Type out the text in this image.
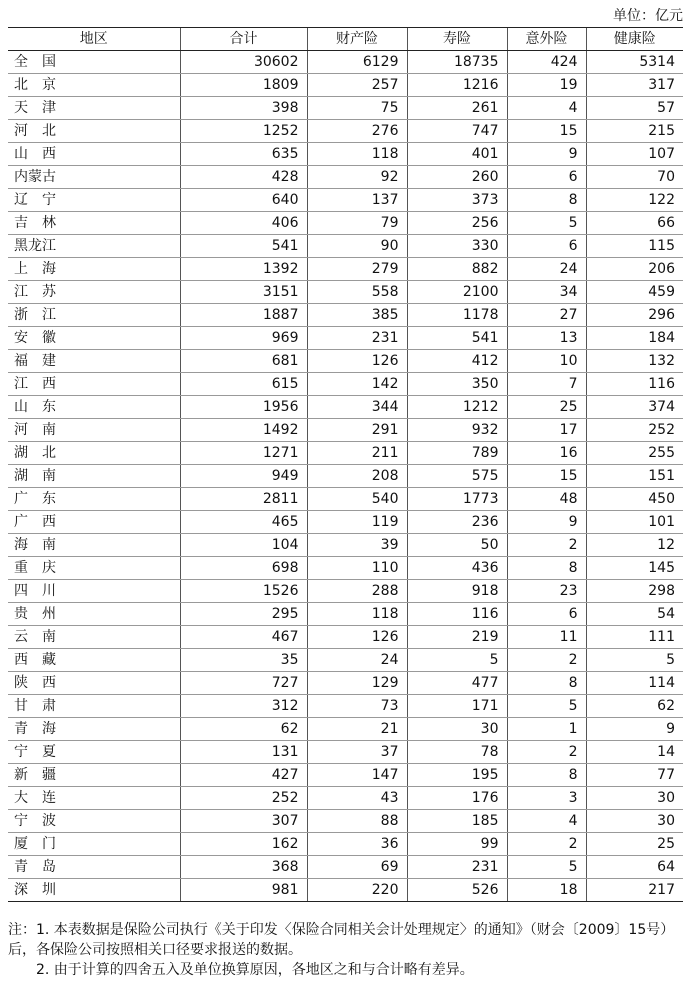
单位：亿元
地区	合计	财产险	寿险	意外险	健康险
全　国	30602	6129	18735	424	5314
北　京	1809	257	1216	19	317
天　津	398	75	261	4	57
河　北	1252	276	747	15	215
山　西	635	118	401	9	107
内蒙古	428	92	260	6	70
辽　宁	640	137	373	8	122
吉　林	406	79	256	5	66
黑龙江	541	90	330	6	115
上　海	1392	279	882	24	206
江　苏	3151	558	2100	34	459
浙　江	1887	385	1178	27	296
安　徽	969	231	541	13	184
福　建	681	126	412	10	132
江　西	615	142	350	7	116
山　东	1956	344	1212	25	374
河　南	1492	291	932	17	252
湖　北	1271	211	789	16	255
湖　南	949	208	575	15	151
广　东	2811	540	1773	48	450
广　西	465	119	236	9	101
海　南	104	39	50	2	12
重　庆	698	110	436	8	145
四　川	1526	288	918	23	298
贵　州	295	118	116	6	54
云　南	467	126	219	11	111
西　藏	35	24	5	2	5
陕　西	727	129	477	8	114
甘　肃	312	73	171	5	62
青　海	62	21	30	1	9
宁　夏	131	37	78	2	14
新　疆	427	147	195	8	77
大　连	252	43	176	3	30
宁　波	307	88	185	4	30
厦　门	162	36	99	2	25
青　岛	368	69	231	5	64
深　圳	981	220	526	18	217

注：1. 本表数据是保险公司执行《关于印发〈保险合同相关会计处理规定〉的通知》（财会〔2009〕15号）后，各保险公司按照相关口径要求报送的数据。

2. 由于计算的四舍五入及单位换算原因，各地区之和与合计略有差异。
